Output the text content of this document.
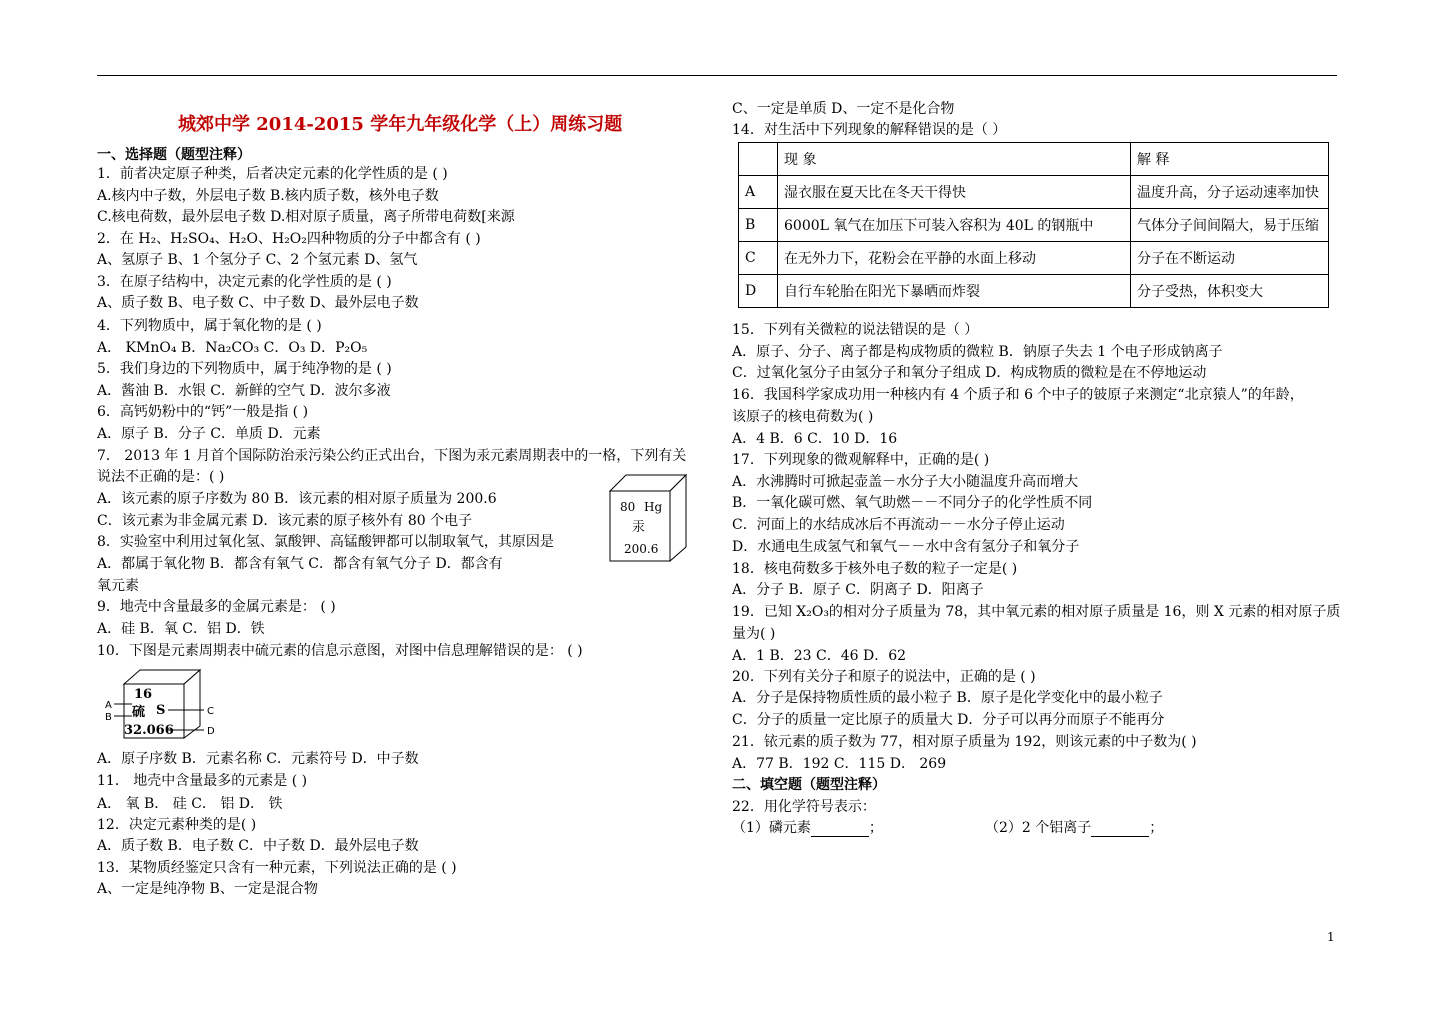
城郊中学 2014-2015 学年九年级化学（上）周练习题
一、选择题（题型注释）
1．前者决定原子种类，后者决定元素的化学性质的是 ( )
A.核内中子数，外层电子数 B.核内质子数，核外电子数
C.核电荷数，最外层电子数 D.相对原子质量，离子所带电荷数[来源
2．在 H₂、H₂SO₄、H₂O、H₂O₂四种物质的分子中都含有 ( )
A、氢原子 B、1 个氢分子 C、2 个氢元素 D、氢气
3．在原子结构中，决定元素的化学性质的是 ( )
A、质子数 B、电子数 C、中子数 D、最外层电子数
4．下列物质中，属于氧化物的是 ( )
A． KMnO₄ B．Na₂CO₃ C．O₃ D．P₂O₅
5．我们身边的下列物质中，属于纯净物的是 ( )
A．酱油 B．水银 C．新鲜的空气 D．波尔多液
6．高钙奶粉中的“钙”一般是指 ( )
A．原子 B．分子 C．单质 D．元素
7． 2013 年 1 月首个国际防治汞污染公约正式出台，下图为汞元素周期表中的一格，下列有关
说法不正确的是：( )
A．该元素的原子序数为 80 B．该元素的相对原子质量为 200.6
C．该元素为非金属元素 D．该元素的原子核外有 80 个电子
8．实验室中利用过氧化氢、氯酸钾、高锰酸钾都可以制取氧气，其原因是
A．都属于氧化物 B．都含有氧气 C．都含有氧气分子 D．都含有
氧元素
9．地壳中含量最多的金属元素是： ( )
A．硅 B．氧 C．铝 D．铁
10．下图是元素周期表中硫元素的信息示意图，对图中信息理解错误的是： ( )
A．原子序数 B．元素名称 C．元素符号 D．中子数
11． 地壳中含量最多的元素是 ( )
A． 氧 B． 硅 C． 铝 D． 铁
12．决定元素种类的是( )
A．质子数 B．电子数 C．中子数 D．最外层电子数
13．某物质经鉴定只含有一种元素，下列说法正确的是 ( )
A、一定是纯净物 B、一定是混合物
80 Hg
汞
200.6
16
硫 S
32.066
A
B
C
D
C、一定是单质 D、一定不是化合物
14．对生活中下列现象的解释错误的是（ ）
	现 象	解 释
A	湿衣服在夏天比在冬天干得快	温度升高，分子运动速率加快
B	6000L 氧气在加压下可装入容积为 40L 的钢瓶中	气体分子间间隔大，易于压缩
C	在无外力下，花粉会在平静的水面上移动	分子在不断运动
D	自行车轮胎在阳光下暴晒而炸裂	分子受热，体积变大
15．下列有关微粒的说法错误的是（ ）
A．原子、分子、离子都是构成物质的微粒 B．钠原子失去 1 个电子形成钠离子
C．过氧化氢分子由氢分子和氧分子组成 D．构成物质的微粒是在不停地运动
16．我国科学家成功用一种核内有 4 个质子和 6 个中子的铍原子来测定“北京猿人”的年龄，
该原子的核电荷数为( )
A．4 B．6 C．10 D．16
17．下列现象的微观解释中，正确的是( )
A．水沸腾时可掀起壶盖－水分子大小随温度升高而增大
B．一氧化碳可燃、氧气助燃－－不同分子的化学性质不同
C．河面上的水结成冰后不再流动－－水分子停止运动
D．水通电生成氢气和氧气－－水中含有氢分子和氧分子
18．核电荷数多于核外电子数的粒子一定是( )
A．分子 B．原子 C．阴离子 D．阳离子
19．已知 X₂O₃的相对分子质量为 78，其中氧元素的相对原子质量是 16，则 X 元素的相对原子质
量为( )
A．1 B．23 C．46 D．62
20．下列有关分子和原子的说法中，正确的是 ( )
A．分子是保持物质性质的最小粒子 B．原子是化学变化中的最小粒子
C．分子的质量一定比原子的质量大 D．分子可以再分而原子不能再分
21．铱元素的质子数为 77，相对原子质量为 192，则该元素的中子数为( )
A．77 B．192 C．115 D． 269
二、填空题（题型注释）
22．用化学符号表示：
（1）磷元素	；	（2）2 个铝离子	；
1
